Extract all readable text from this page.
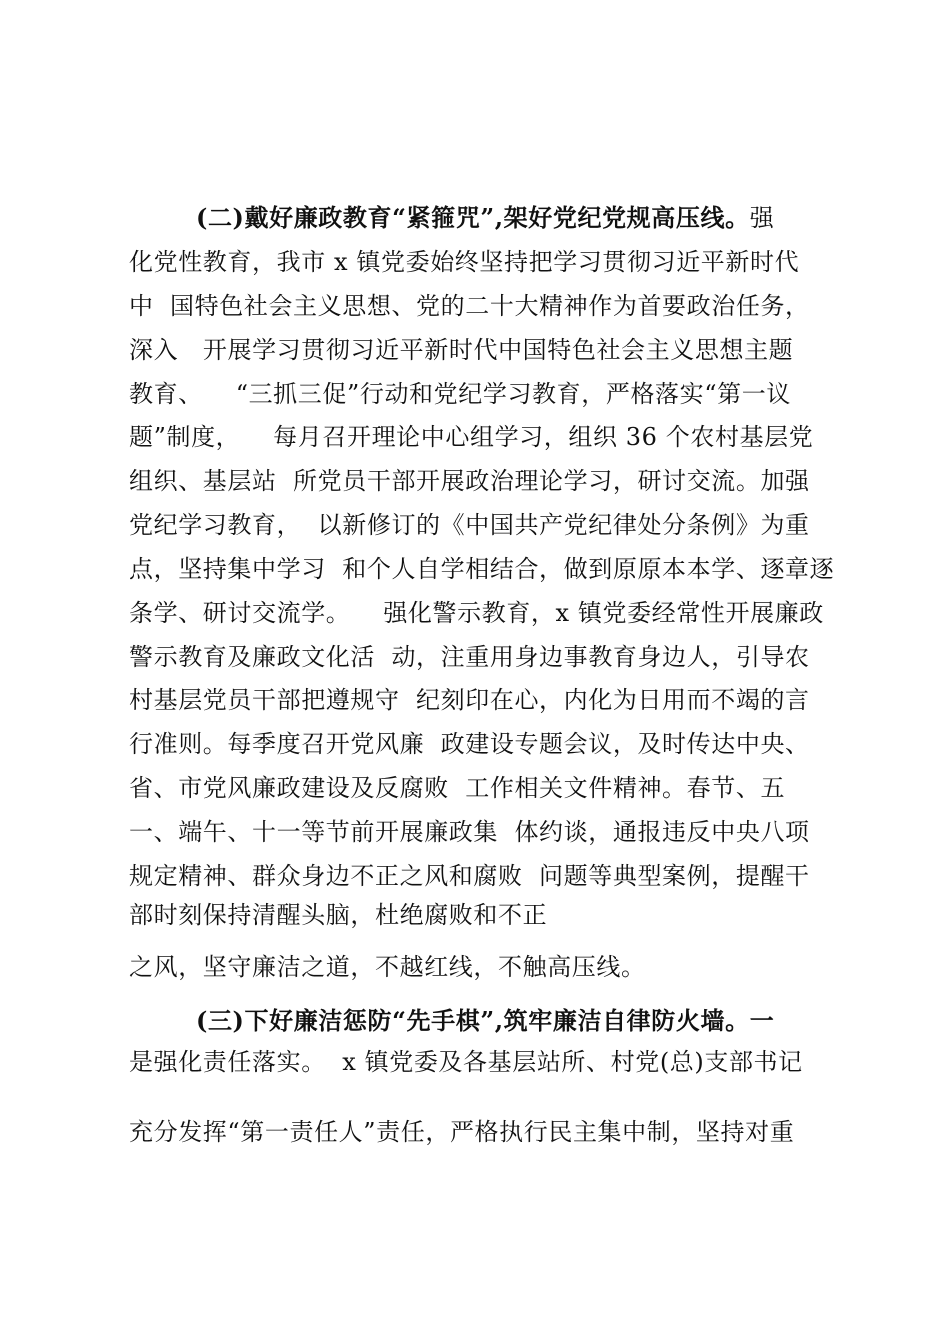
(二)戴好廉政教育“紧箍咒”,架好党纪党规高压线。强
化党性教育，我市 x 镇党委始终坚持把学习贯彻习近平新时代
中  国特色社会主义思想、党的二十大精神作为首要政治任务，
深入   开展学习贯彻习近平新时代中国特色社会主义思想主题
教育、    “三抓三促”行动和党纪学习教育，严格落实“第一议
题”制度，    每月召开理论中心组学习，组织 36 个农村基层党
组织、基层站  所党员干部开展政治理论学习，研讨交流。加强
党纪学习教育，  以新修订的《中国共产党纪律处分条例》为重
点，坚持集中学习  和个人自学相结合，做到原原本本学、逐章逐
条学、研讨交流学。    强化警示教育，x 镇党委经常性开展廉政
警示教育及廉政文化活  动，注重用身边事教育身边人，引导农
村基层党员干部把遵规守  纪刻印在心，内化为日用而不竭的言
行准则。每季度召开党风廉  政建设专题会议，及时传达中央、
省、市党风廉政建设及反腐败  工作相关文件精神。春节、五
一、端午、十一等节前开展廉政集  体约谈，通报违反中央八项
规定精神、群众身边不正之风和腐败  问题等典型案例，提醒干
部时刻保持清醒头脑，杜绝腐败和不正
之风，坚守廉洁之道，不越红线，不触高压线。
(三)下好廉洁惩防“先手棋”,筑牢廉洁自律防火墙。一
是强化责任落实。  x 镇党委及各基层站所、村党(总)支部书记
充分发挥“第一责任人”责任，严格执行民主集中制，坚持对重
